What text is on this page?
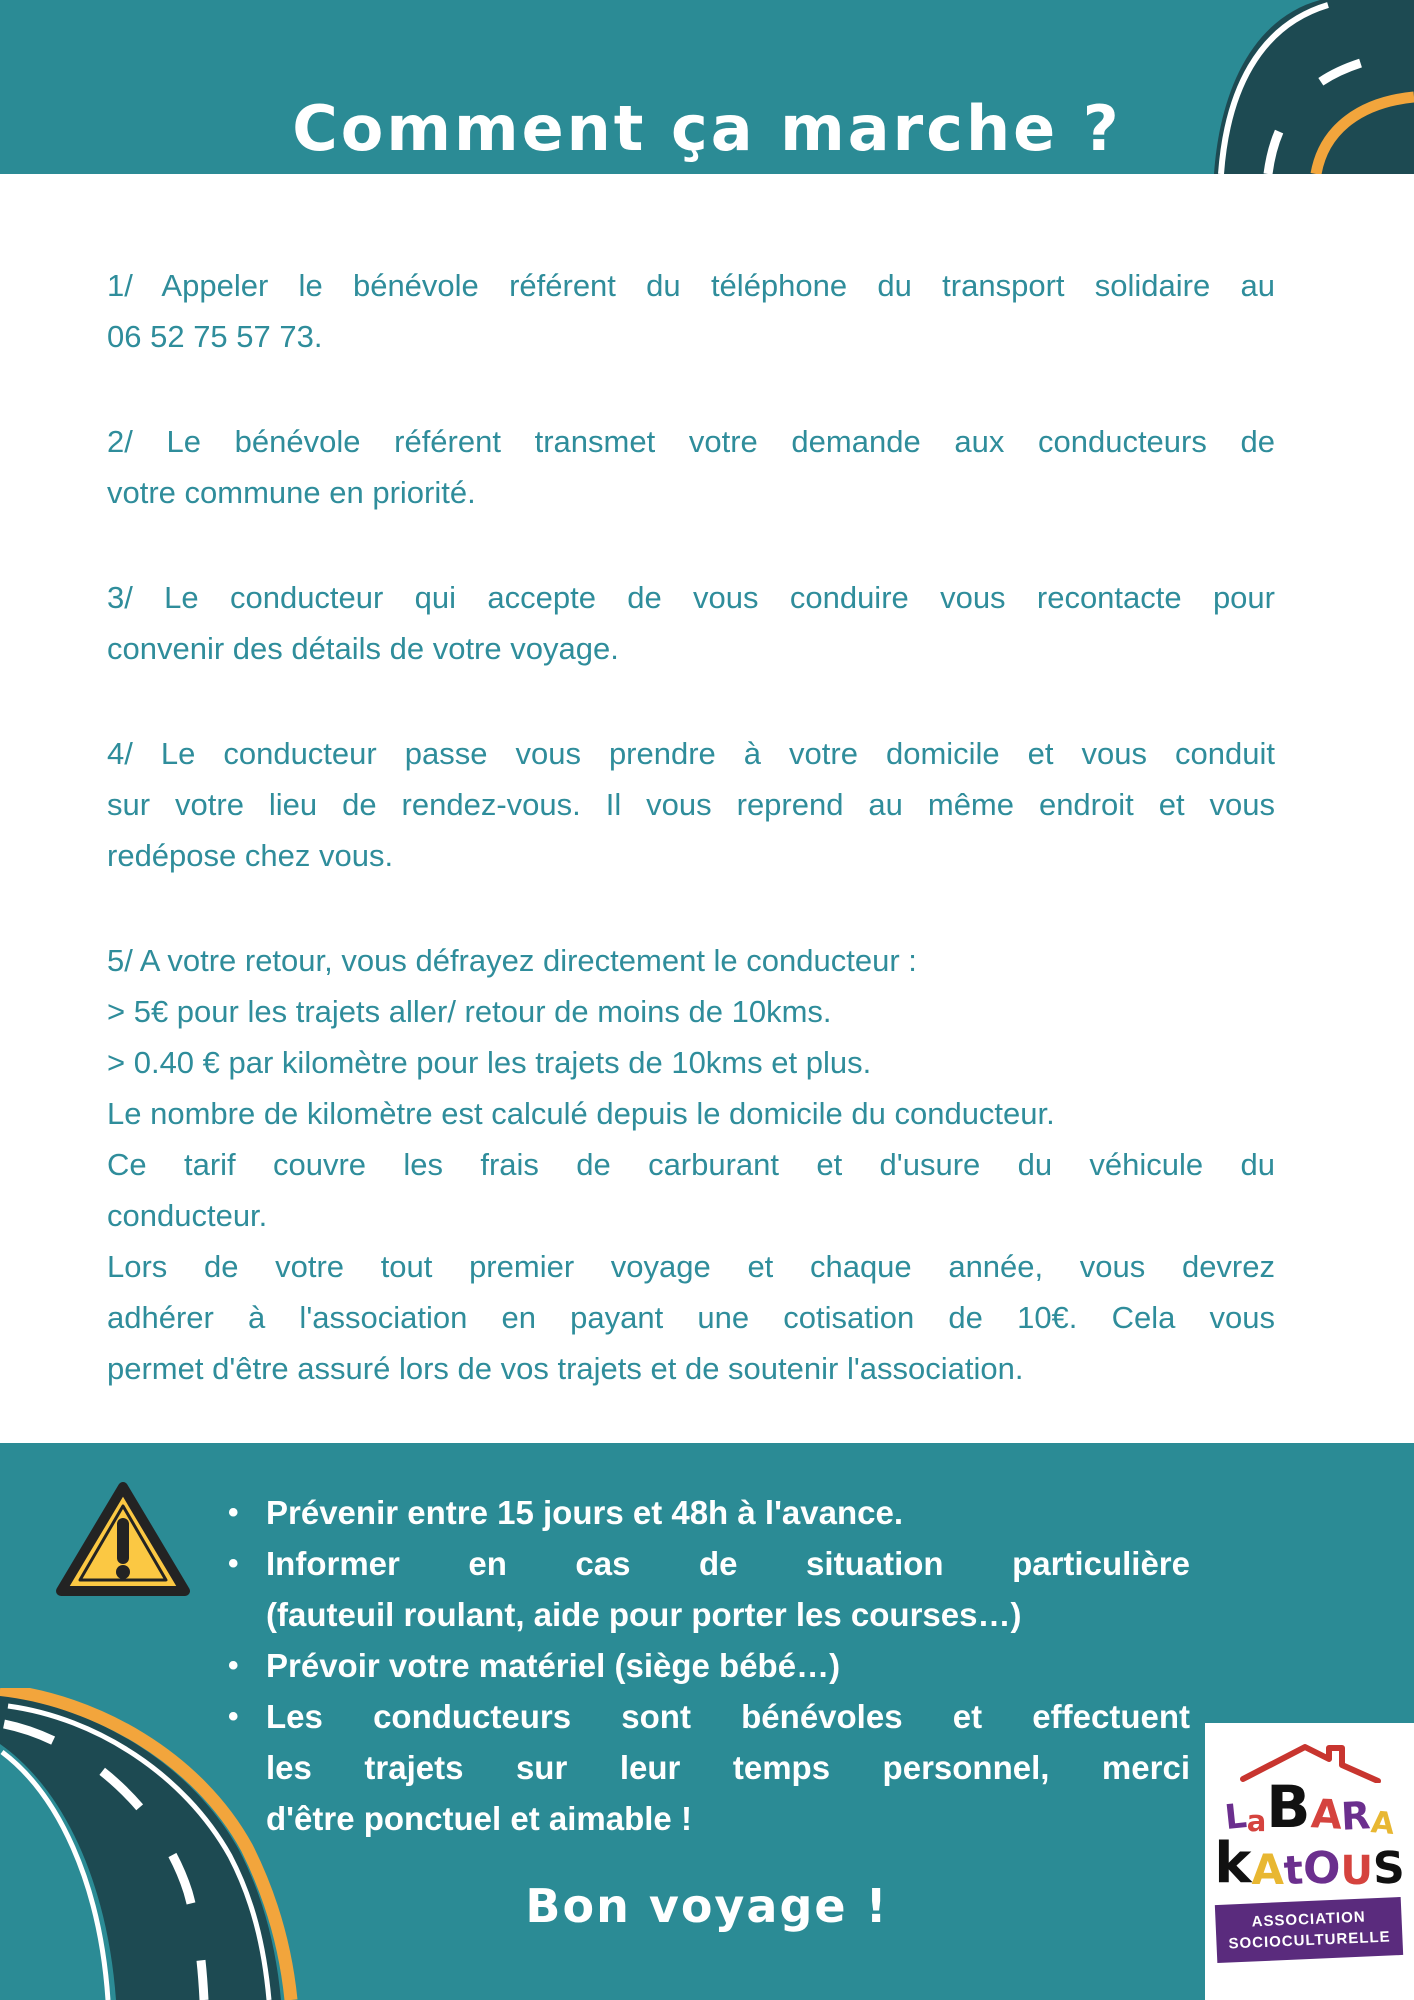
Comment ça marche ?
1/ Appeler le bénévole référent du téléphone du transport solidaire au
06 52 75 57 73.
2/ Le bénévole référent transmet votre demande aux conducteurs de
votre commune en priorité.
3/ Le conducteur qui accepte de vous conduire vous recontacte pour
convenir des détails de votre voyage.
4/ Le conducteur passe vous prendre à votre domicile et vous conduit
sur votre lieu de rendez-vous. Il vous reprend au même endroit et vous
redépose chez vous.
5/ A votre retour, vous défrayez directement le conducteur :
> 5€ pour les trajets aller/ retour de moins de 10kms.
> 0.40 € par kilomètre pour les trajets de 10kms et plus.
Le nombre de kilomètre est calculé depuis le domicile du conducteur.
Ce tarif couvre les frais de carburant et d'usure du véhicule du
conducteur.
Lors de votre tout premier voyage et chaque année, vous devrez
adhérer à l'association en payant une cotisation de 10€. Cela vous
permet d'être assuré lors de vos trajets et de soutenir l'association.
• Prévenir entre 15 jours et 48h à l'avance.
• Informer en cas de situation particulière
(fauteuil roulant, aide pour porter les courses…)
• Prévoir votre matériel (siège bébé…)
• Les conducteurs sont bénévoles et effectuent
les trajets sur leur temps personnel, merci
d'être ponctuel et aimable !
Bon voyage !
L
a B
A
R
A
k A
t
O
U S
ASSOCIATION
SOCIOCULTURELLE
